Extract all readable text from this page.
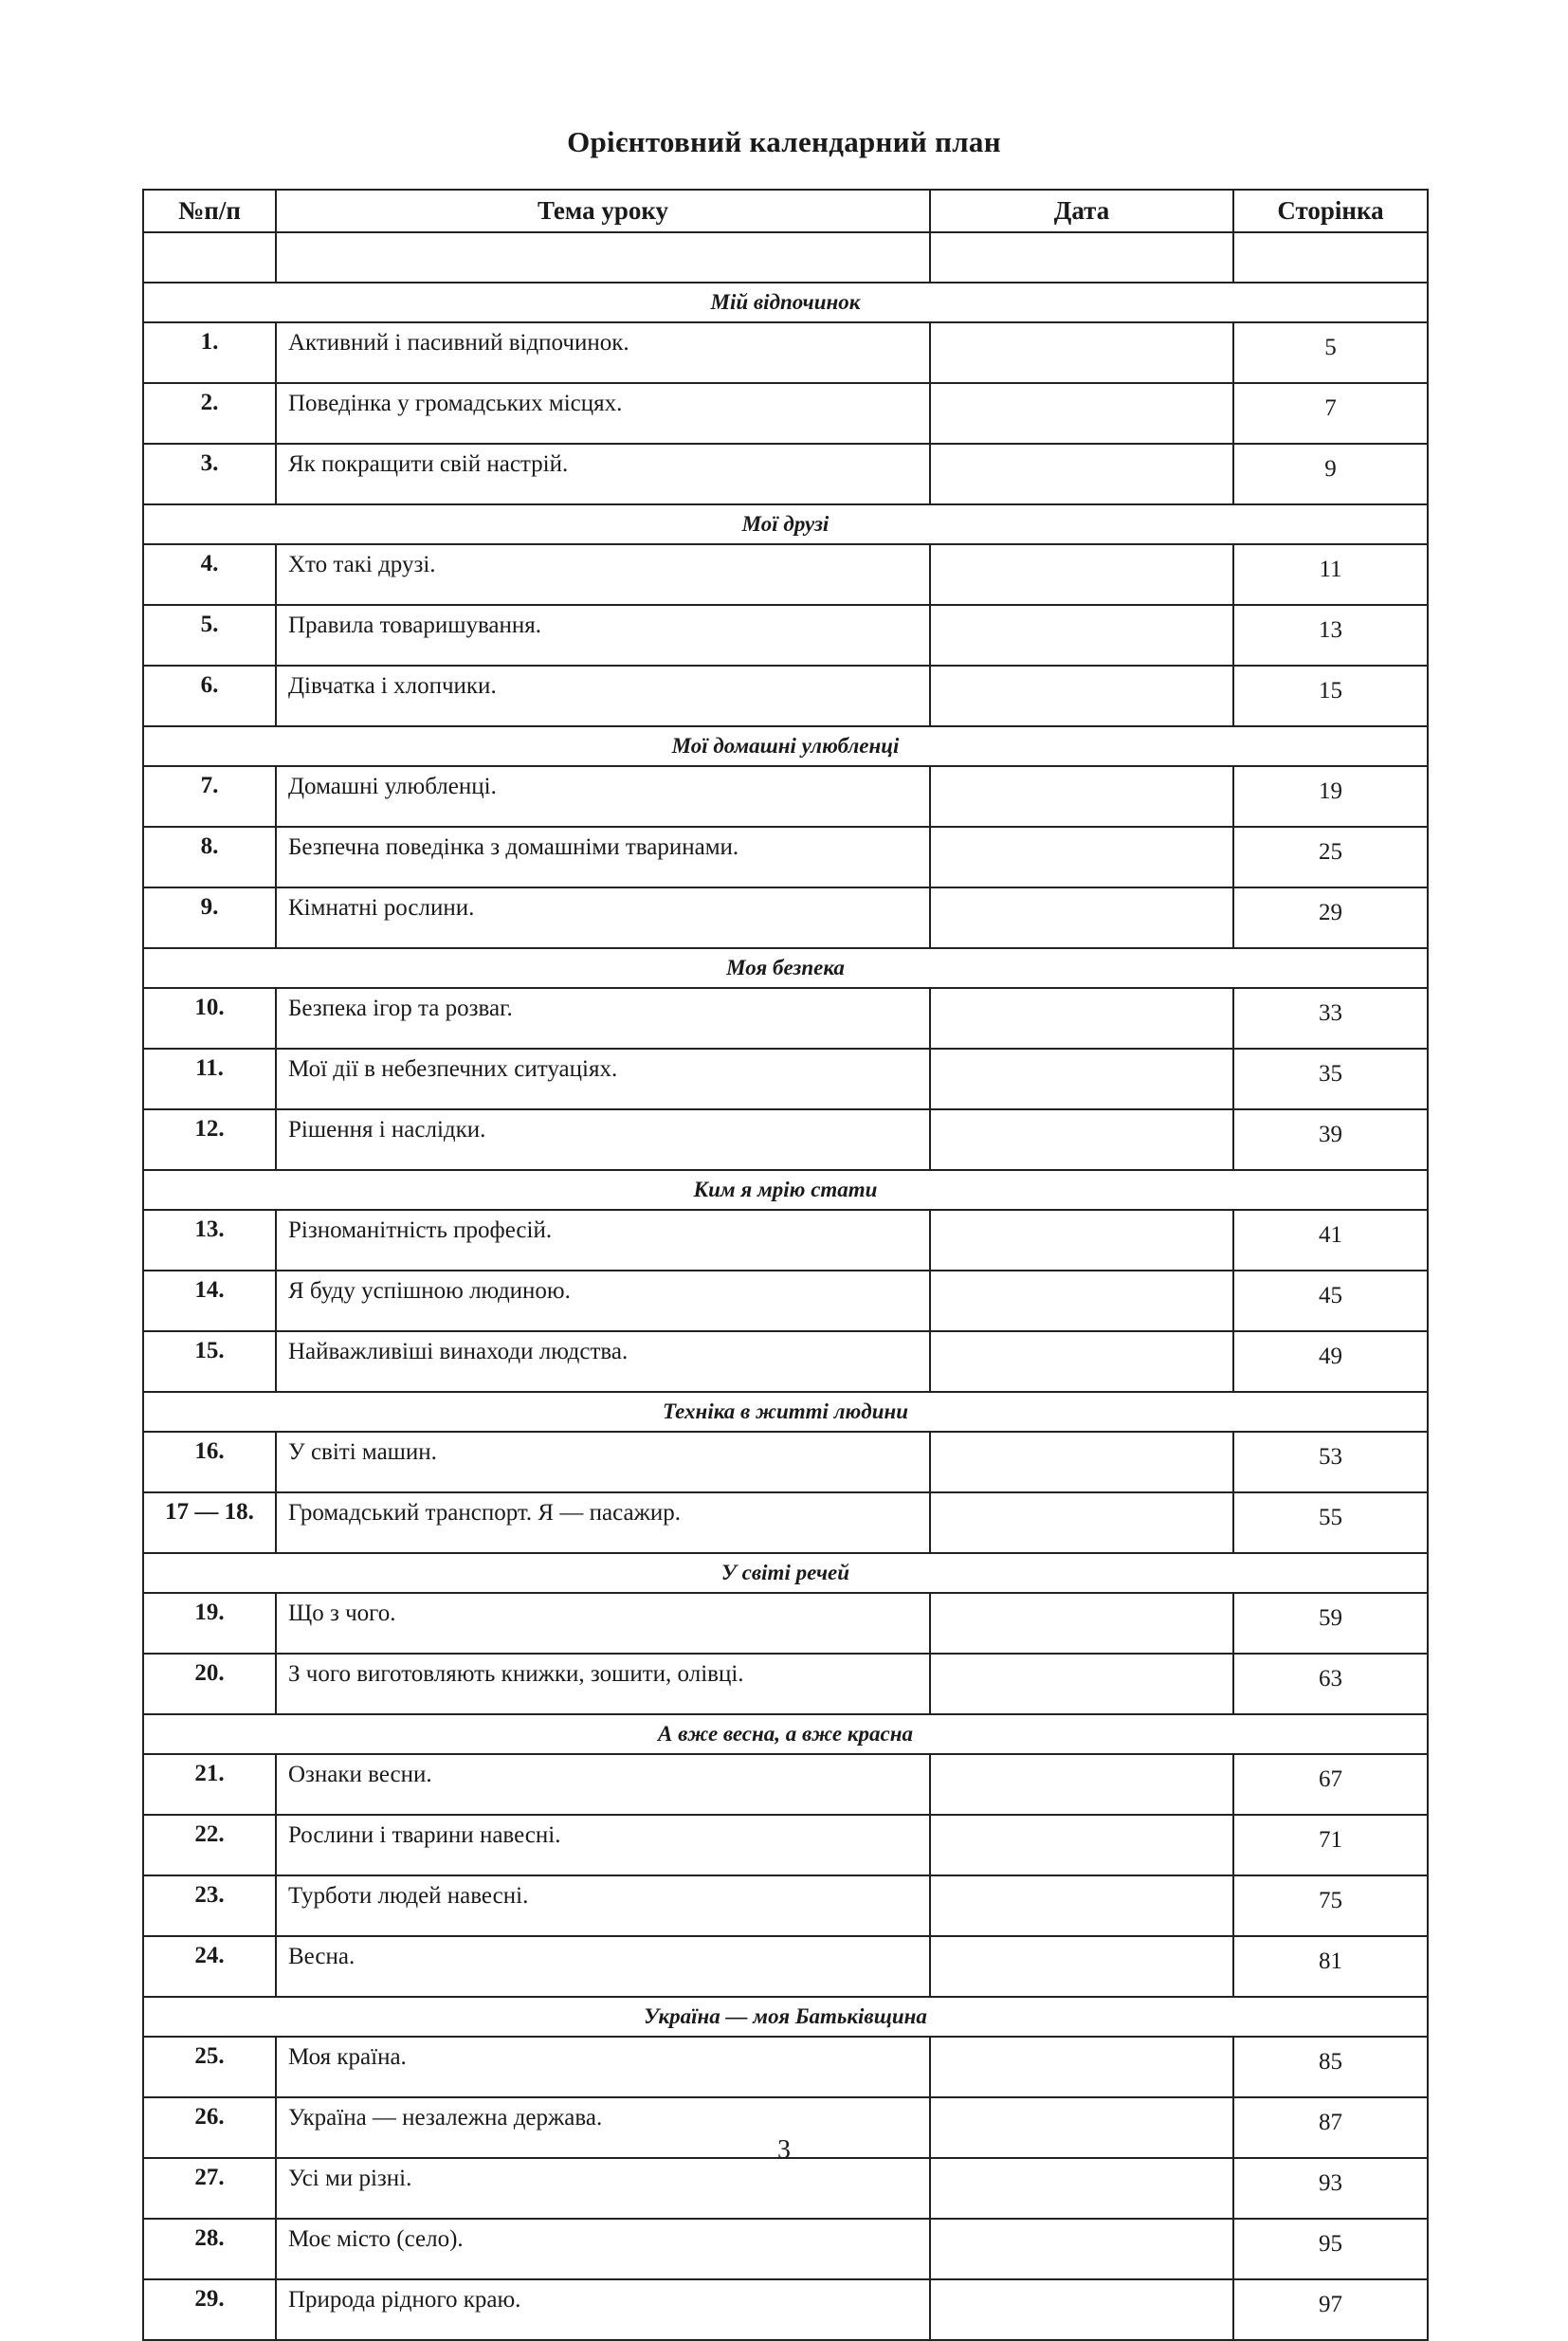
Орієнтовний календарний план
№п/п	Тема уроку	Дата	Сторінка

Мій відпочинок			
1.	Активний і пасивний відпочинок.		5
2.	Поведінка у громадських місцях.		7
3.	Як покращити свій настрій.		9
Мої друзі			
4.	Хто такі друзі.		11
5.	Правила товаришування.		13
6.	Дівчатка і хлопчики.		15
Мої домашні улюбленці			
7.	Домашні улюбленці.		19
8.	Безпечна поведінка з домашніми тваринами.		25
9.	Кімнатні рослини.		29
Моя безпека			
10.	Безпека ігор та розваг.		33
11.	Мої дії в небезпечних ситуаціях.		35
12.	Рішення і наслідки.		39
Ким я мрію стати			
13.	Різноманітність професій.		41
14.	Я буду успішною людиною.		45
15.	Найважливіші винаходи людства.		49
Техніка в житті людини			
16.	У світі машин.		53
17 — 18.	Громадський транспорт. Я — пасажир.		55
У світі речей			
19.	Що з чого.		59
20.	З чого виготовляють книжки, зошити, олівці.		63
А вже весна, а вже красна			
21.	Ознаки весни.		67
22.	Рослини і тварини навесні.		71
23.	Турботи людей навесні.		75
24.	Весна.		81
Україна — моя Батьківщина			
25.	Моя країна.		85
26.	Україна — незалежна держава.		87
27.	Усі ми різні.		93
28.	Моє місто (село).		95
29.	Природа рідного краю.		97
3
